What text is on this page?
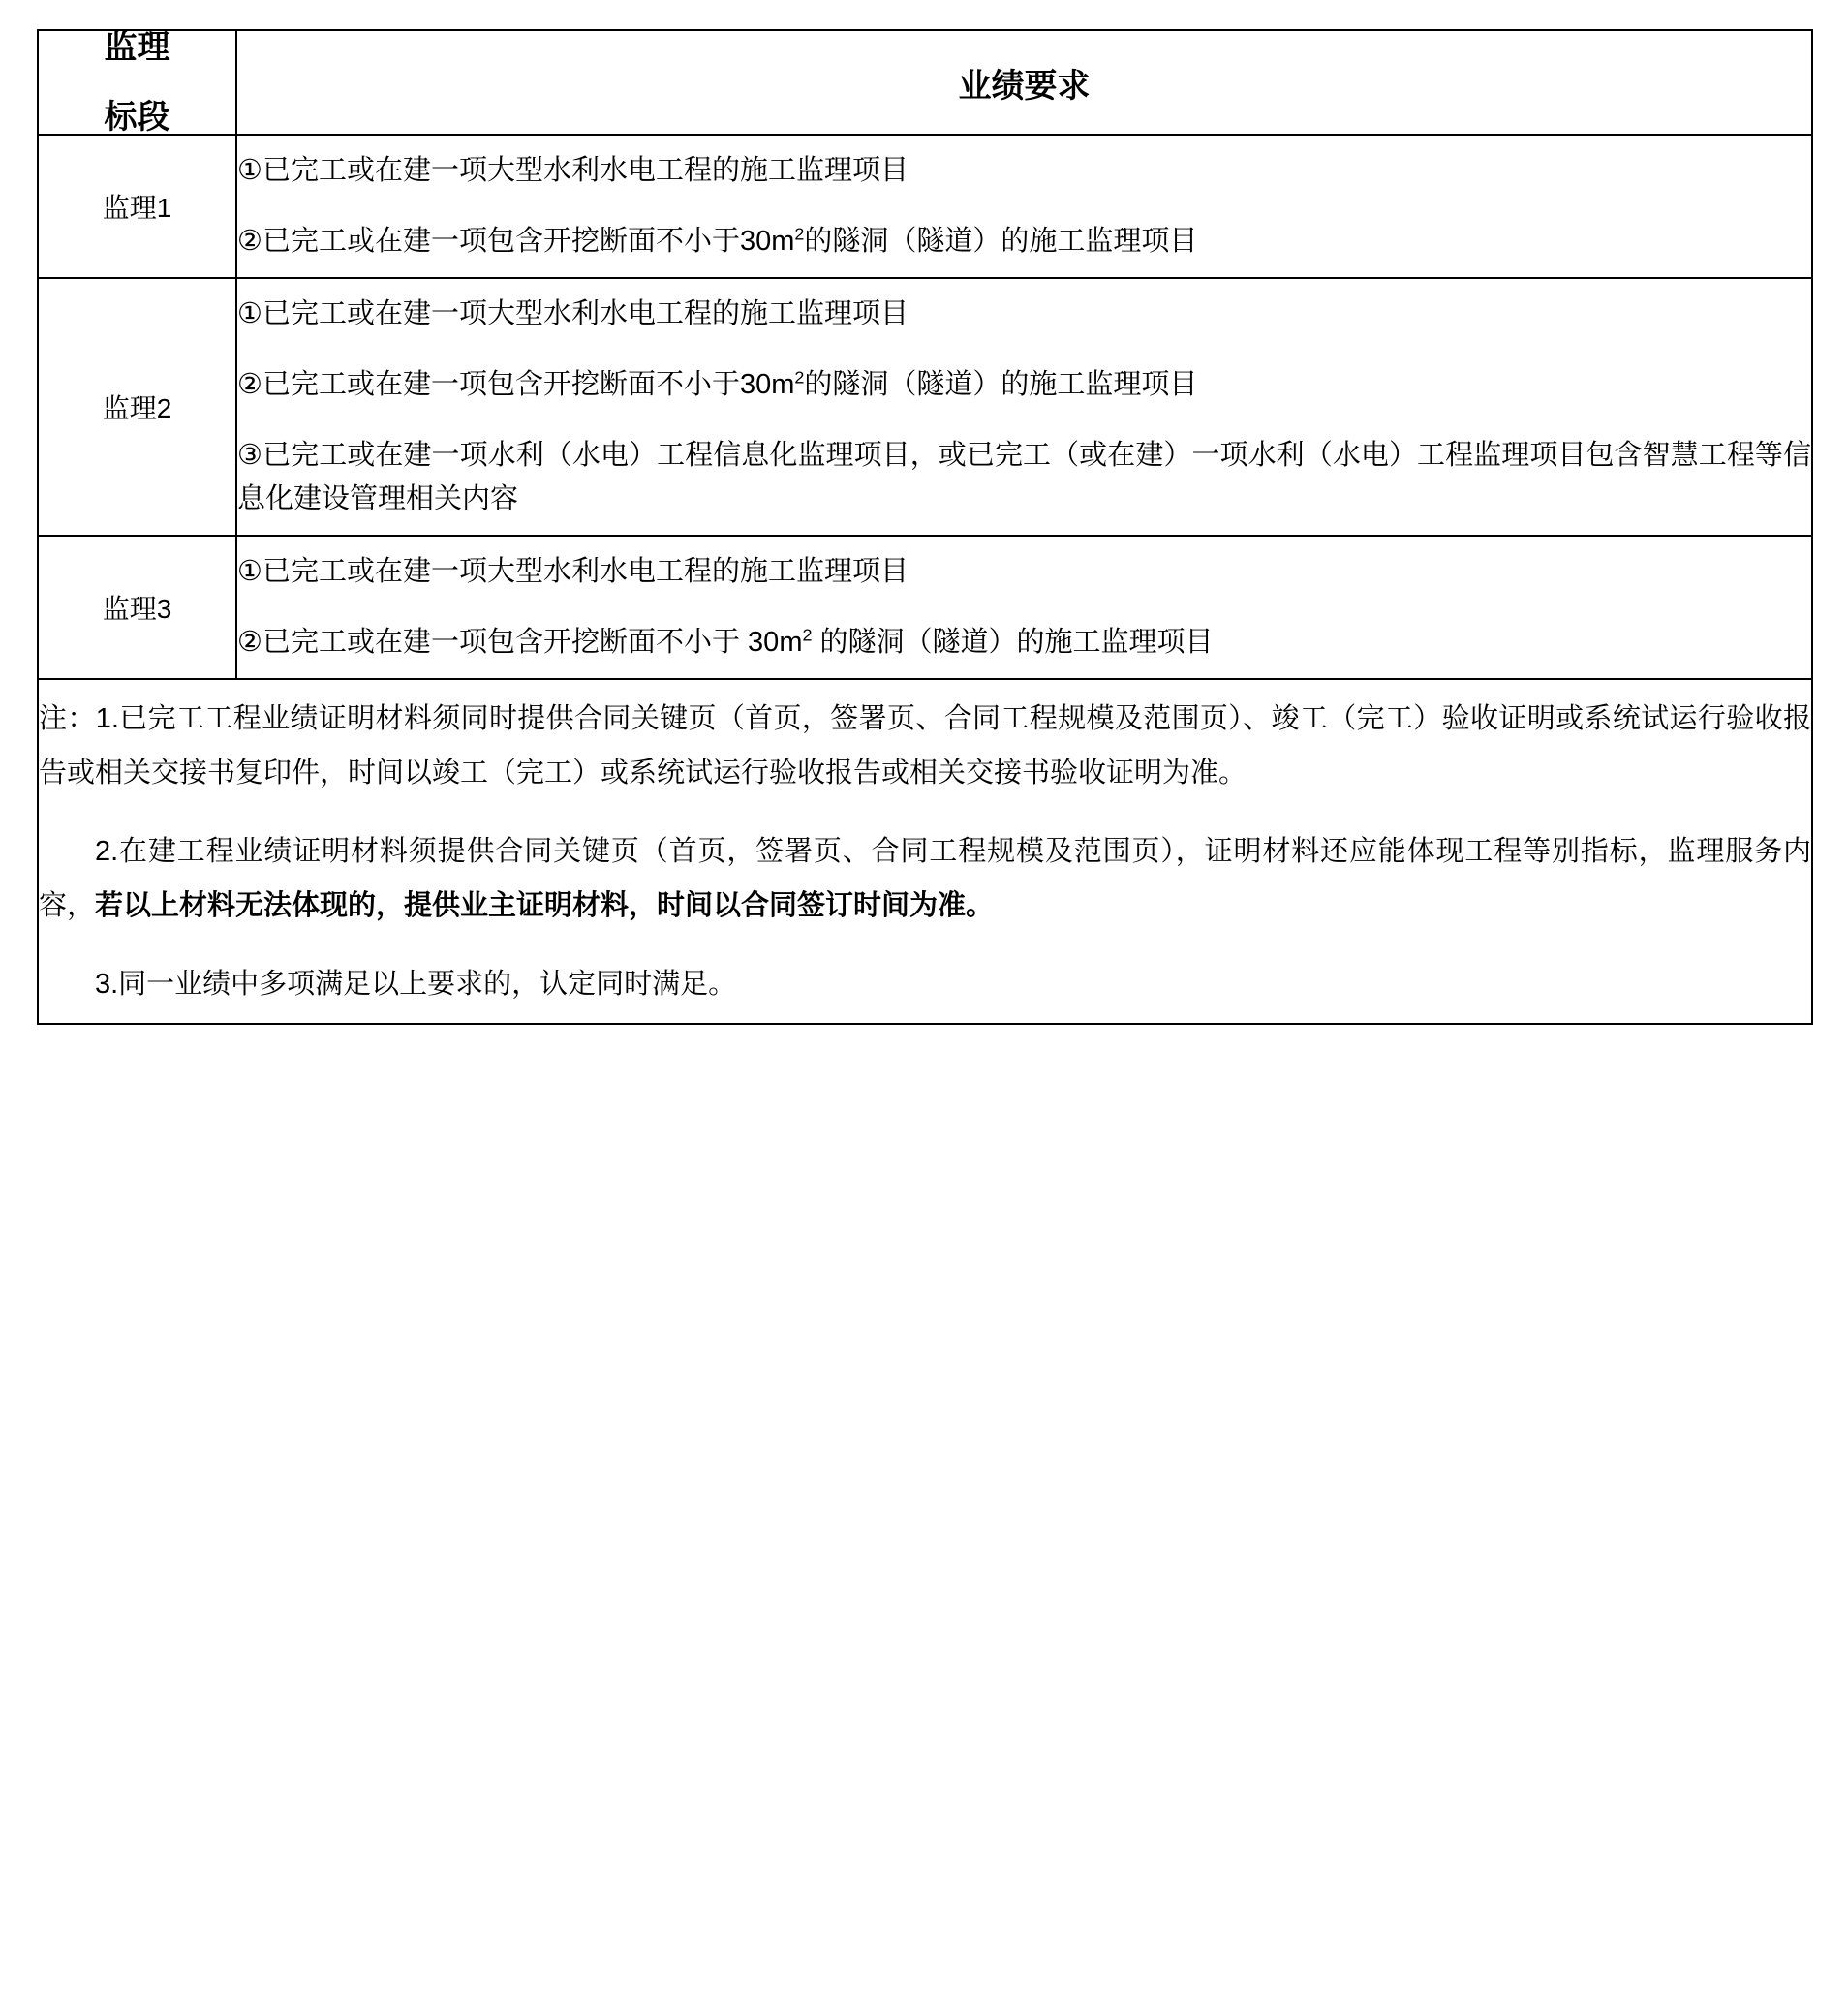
监理
标段	业绩要求
监理1	①已完工或在建一项大型水利水电工程的施工监理项目

②已完工或在建一项包含开挖断面不小于$30m^2$的隧洞（隧道）的施工监理项目

监理2	①已完工或在建一项大型水利水电工程的施工监理项目

②已完工或在建一项包含开挖断面不小于$30m^2$的隧洞（隧道）的施工监理项目

③已完工或在建一项水利（水电）工程信息化监理项目，或已完工（或在建）一项水利（水电）工程监理项目包含智慧工程等信息化建设管理相关内容

监理3	①已完工或在建一项大型水利水电工程的施工监理项目

②已完工或在建一项包含开挖断面不小于 $30m^2$ 的隧洞（隧道）的施工监理项目

注：1.已完工工程业绩证明材料须同时提供合同关键页（首页，签署页、合同工程规模及范围页）、竣工（完工）验收证明或系统试运行验收报告或相关交接书复印件，时间以竣工（完工）或系统试运行验收报告或相关交接书验收证明为准。

2.在建工程业绩证明材料须提供合同关键页（首页，签署页、合同工程规模及范围页），证明材料还应能体现工程等别指标，监理服务内容，若以上材料无法体现的，提供业主证明材料，时间以合同签订时间为准。

3.同一业绩中多项满足以上要求的，认定同时满足。	
